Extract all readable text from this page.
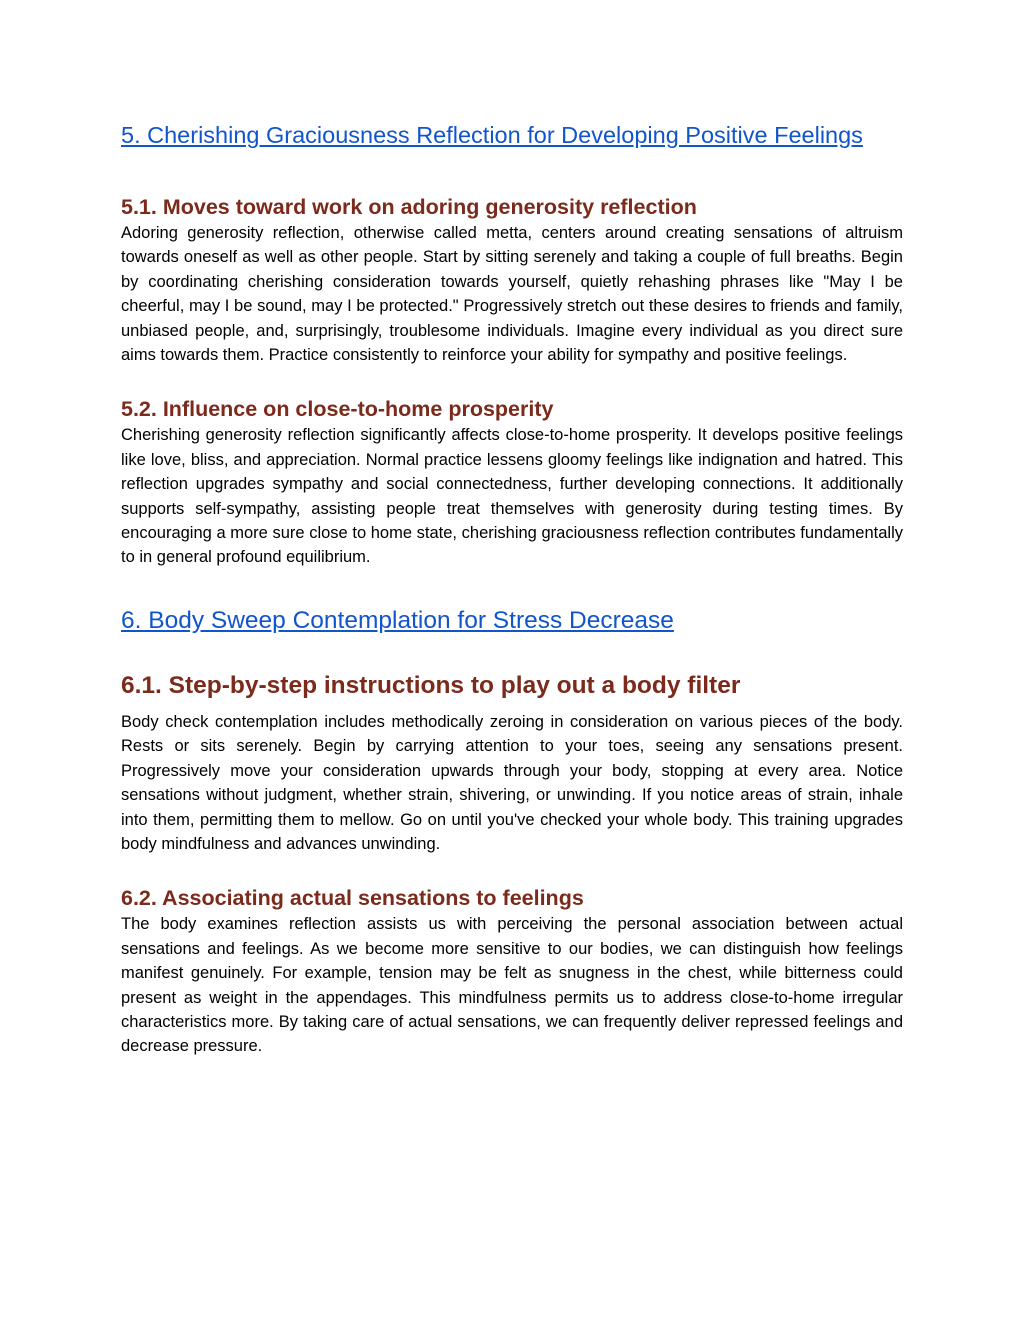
5. Cherishing Graciousness Reflection for Developing Positive Feelings
5.1. Moves toward work on adoring generosity reflection

Adoring generosity reflection, otherwise called metta, centers around creating sensations of altruism towards oneself as well as other people. Start by sitting serenely and taking a couple of full breaths. Begin by coordinating cherishing consideration towards yourself, quietly rehashing phrases like "May I be cheerful, may I be sound, may I be protected." Progressively stretch out these desires to friends and family, unbiased people, and, surprisingly, troublesome individuals. Imagine every individual as you direct sure aims towards them. Practice consistently to reinforce your ability for sympathy and positive feelings.

5.2. Influence on close-to-home prosperity

Cherishing generosity reflection significantly affects close-to-home prosperity. It develops positive feelings like love, bliss, and appreciation. Normal practice lessens gloomy feelings like indignation and hatred. This reflection upgrades sympathy and social connectedness, further developing connections. It additionally supports self-sympathy, assisting people treat themselves with generosity during testing times. By encouraging a more sure close to home state, cherishing graciousness reflection contributes fundamentally to in general profound equilibrium.

6. Body Sweep Contemplation for Stress Decrease
6.1. Step-by-step instructions to play out a body filter

Body check contemplation includes methodically zeroing in consideration on various pieces of the body. Rests or sits serenely. Begin by carrying attention to your toes, seeing any sensations present. Progressively move your consideration upwards through your body, stopping at every area. Notice sensations without judgment, whether strain, shivering, or unwinding. If you notice areas of strain, inhale into them, permitting them to mellow. Go on until you've checked your whole body. This training upgrades body mindfulness and advances unwinding.

6.2. Associating actual sensations to feelings

The body examines reflection assists us with perceiving the personal association between actual sensations and feelings. As we become more sensitive to our bodies, we can distinguish how feelings manifest genuinely. For example, tension may be felt as snugness in the chest, while bitterness could present as weight in the appendages. This mindfulness permits us to address close-to-home irregular characteristics more. By taking care of actual sensations, we can frequently deliver repressed feelings and decrease pressure.
